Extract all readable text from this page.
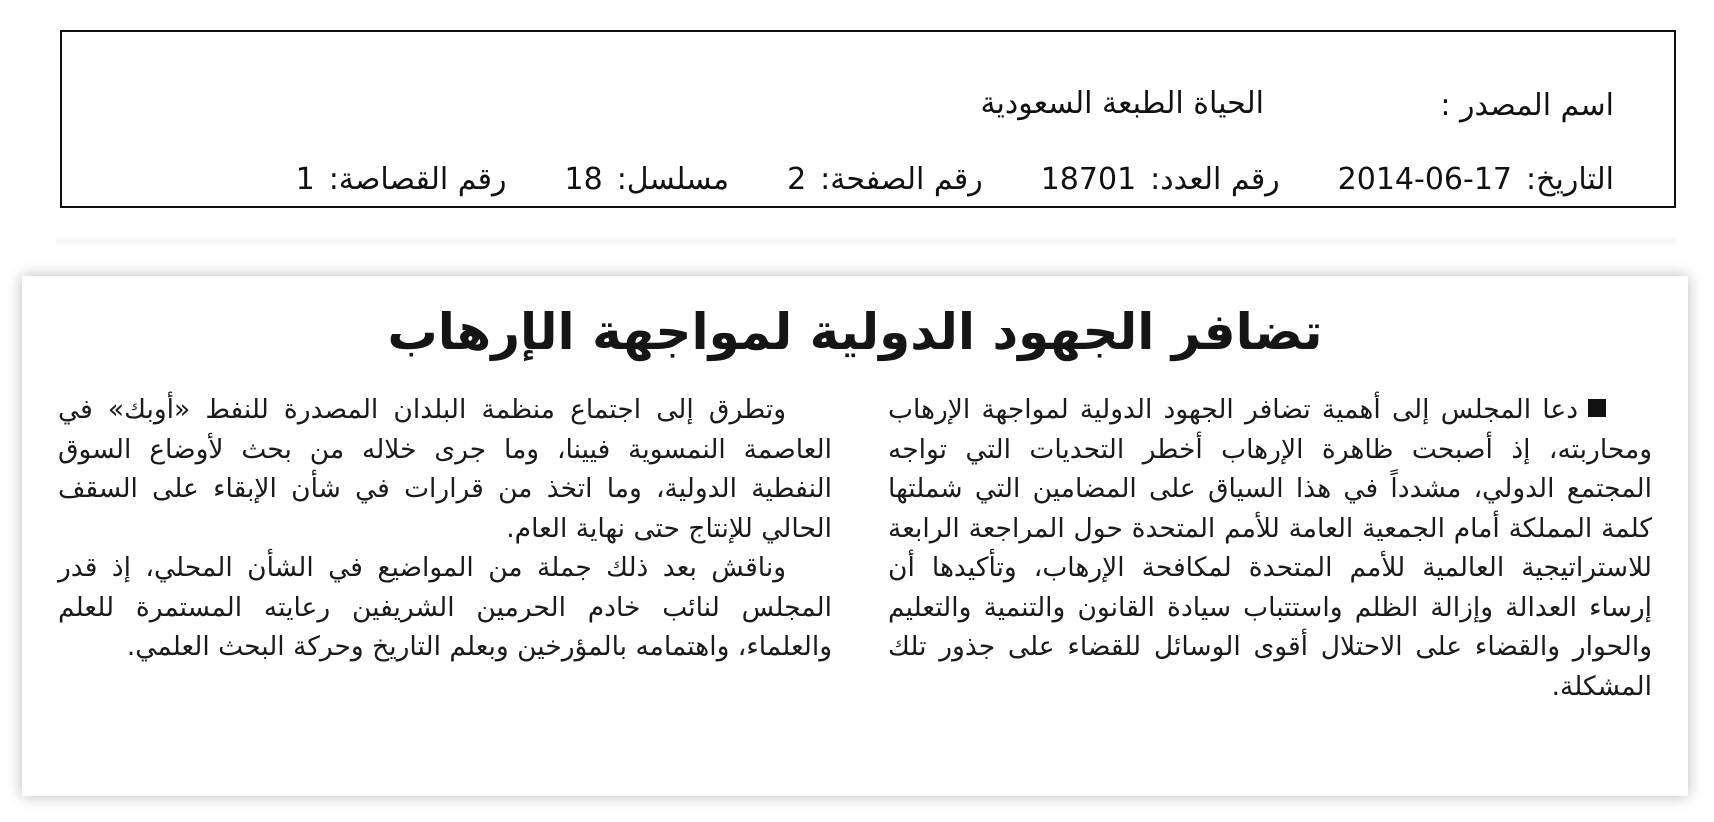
اسم المصدر :
الحياة الطبعة السعودية
التاريخ:
2014-06-17
رقم العدد:
18701
رقم الصفحة:
2
مسلسل:
18
رقم القصاصة:
1
تضافر الجهود الدولية لمواجهة الإرهاب

دعا المجلس إلى أهمية تضافر الجهود الدولية لمواجهة الإرهاب ومحاربته، إذ أصبحت ظاهرة الإرهاب أخطر التحديات التي تواجه المجتمع الدولي، مشدداً في هذا السياق على المضامين التي شملتها كلمة المملكة أمام الجمعية العامة للأمم المتحدة حول المراجعة الرابعة للاستراتيجية العالمية للأمم المتحدة لمكافحة الإرهاب، وتأكيدها أن إرساء العدالة وإزالة الظلم واستتباب سيادة القانون والتنمية والتعليم والحوار والقضاء على الاحتلال أقوى الوسائل للقضاء على جذور تلك المشكلة.

وتطرق إلى اجتماع منظمة البلدان المصدرة للنفط «أوبك» في العاصمة النمسوية فيينا، وما جرى خلاله من بحث لأوضاع السوق النفطية الدولية، وما اتخذ من قرارات في شأن الإبقاء على السقف الحالي للإنتاج حتى نهاية العام.

وناقش بعد ذلك جملة من المواضيع في الشأن المحلي، إذ قدر المجلس لنائب خادم الحرمين الشريفين رعايته المستمرة للعلم والعلماء، واهتمامه بالمؤرخين وبعلم التاريخ وحركة البحث العلمي.
